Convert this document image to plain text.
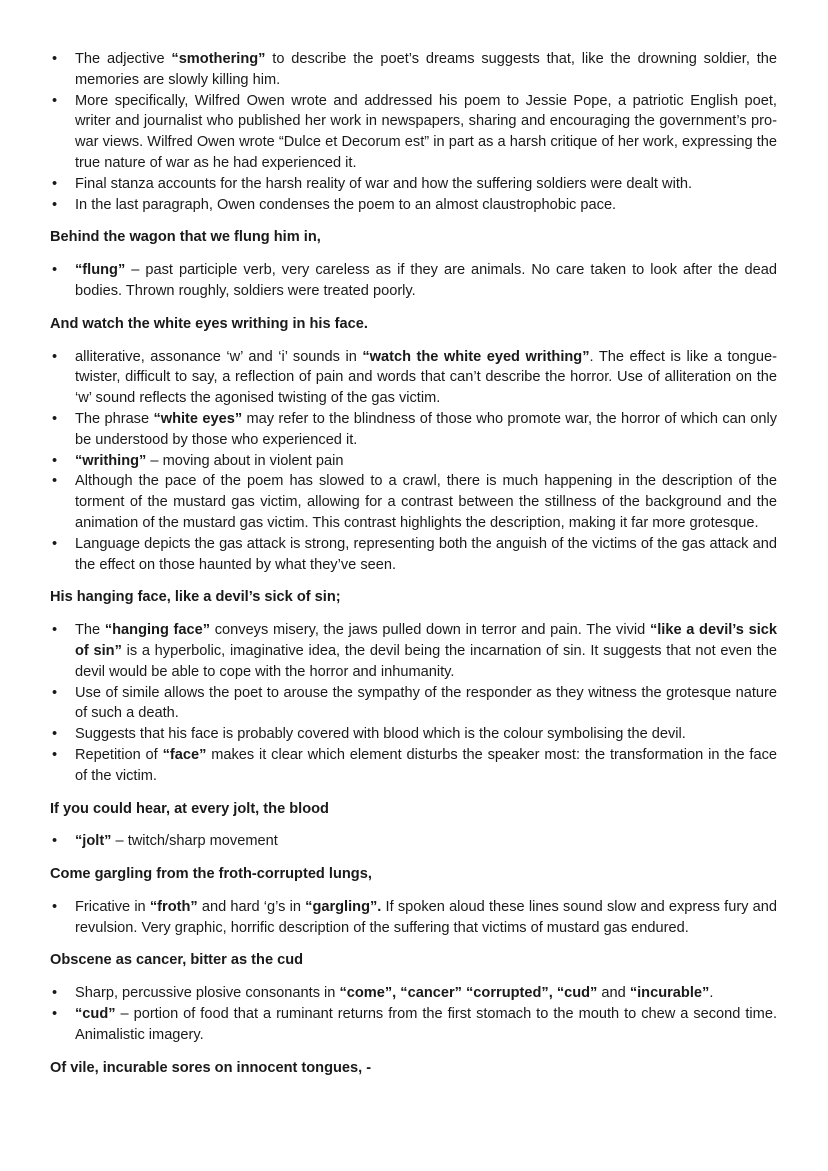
•	The adjective “smothering” to describe the poet’s dreams suggests that, like the drowning soldier, the memories are slowly killing him.
•	More specifically, Wilfred Owen wrote and addressed his poem to Jessie Pope, a patriotic English poet, writer and journalist who published her work in newspapers, sharing and encouraging the government’s pro-war views. Wilfred Owen wrote “Dulce et Decorum est” in part as a harsh critique of her work, expressing the true nature of war as he had experienced it.
•	Final stanza accounts for the harsh reality of war and how the suffering soldiers were dealt with.
•	In the last paragraph, Owen condenses the poem to an almost claustrophobic pace.
Behind the wagon that we flung him in,
•	“flung” – past participle verb, very careless as if they are animals. No care taken to look after the dead bodies. Thrown roughly, soldiers were treated poorly.
And watch the white eyes writhing in his face.
•	alliterative, assonance ‘w’ and ‘i’ sounds in “watch the white eyed writhing”. The effect is like a tongue-twister, difficult to say, a reflection of pain and words that can’t describe the horror. Use of alliteration on the ‘w’ sound reflects the agonised twisting of the gas victim.
•	The phrase “white eyes” may refer to the blindness of those who promote war, the horror of which can only be understood by those who experienced it.
•	“writhing” – moving about in violent pain
•	Although the pace of the poem has slowed to a crawl, there is much happening in the description of the torment of the mustard gas victim, allowing for a contrast between the stillness of the background and the animation of the mustard gas victim. This contrast highlights the description, making it far more grotesque.
•	Language depicts the gas attack is strong, representing both the anguish of the victims of the gas attack and the effect on those haunted by what they’ve seen.
His hanging face, like a devil’s sick of sin;
•	The “hanging face” conveys misery, the jaws pulled down in terror and pain. The vivid “like a devil’s sick of sin” is a hyperbolic, imaginative idea, the devil being the incarnation of sin. It suggests that not even the devil would be able to cope with the horror and inhumanity.
•	Use of simile allows the poet to arouse the sympathy of the responder as they witness the grotesque nature of such a death.
•	Suggests that his face is probably covered with blood which is the colour symbolising the devil.
•	Repetition of “face” makes it clear which element disturbs the speaker most: the transformation in the face of the victim.
If you could hear, at every jolt, the blood
•	“jolt” – twitch/sharp movement
Come gargling from the froth-corrupted lungs,
•	Fricative in “froth” and hard ‘g’s in “gargling”. If spoken aloud these lines sound slow and express fury and revulsion. Very graphic, horrific description of the suffering that victims of mustard gas endured.
Obscene as cancer, bitter as the cud
•	Sharp, percussive plosive consonants in “come”, “cancer” “corrupted”, “cud” and “incurable”.
•	“cud” – portion of food that a ruminant returns from the first stomach to the mouth to chew a second time. Animalistic imagery.
Of vile, incurable sores on innocent tongues, -
